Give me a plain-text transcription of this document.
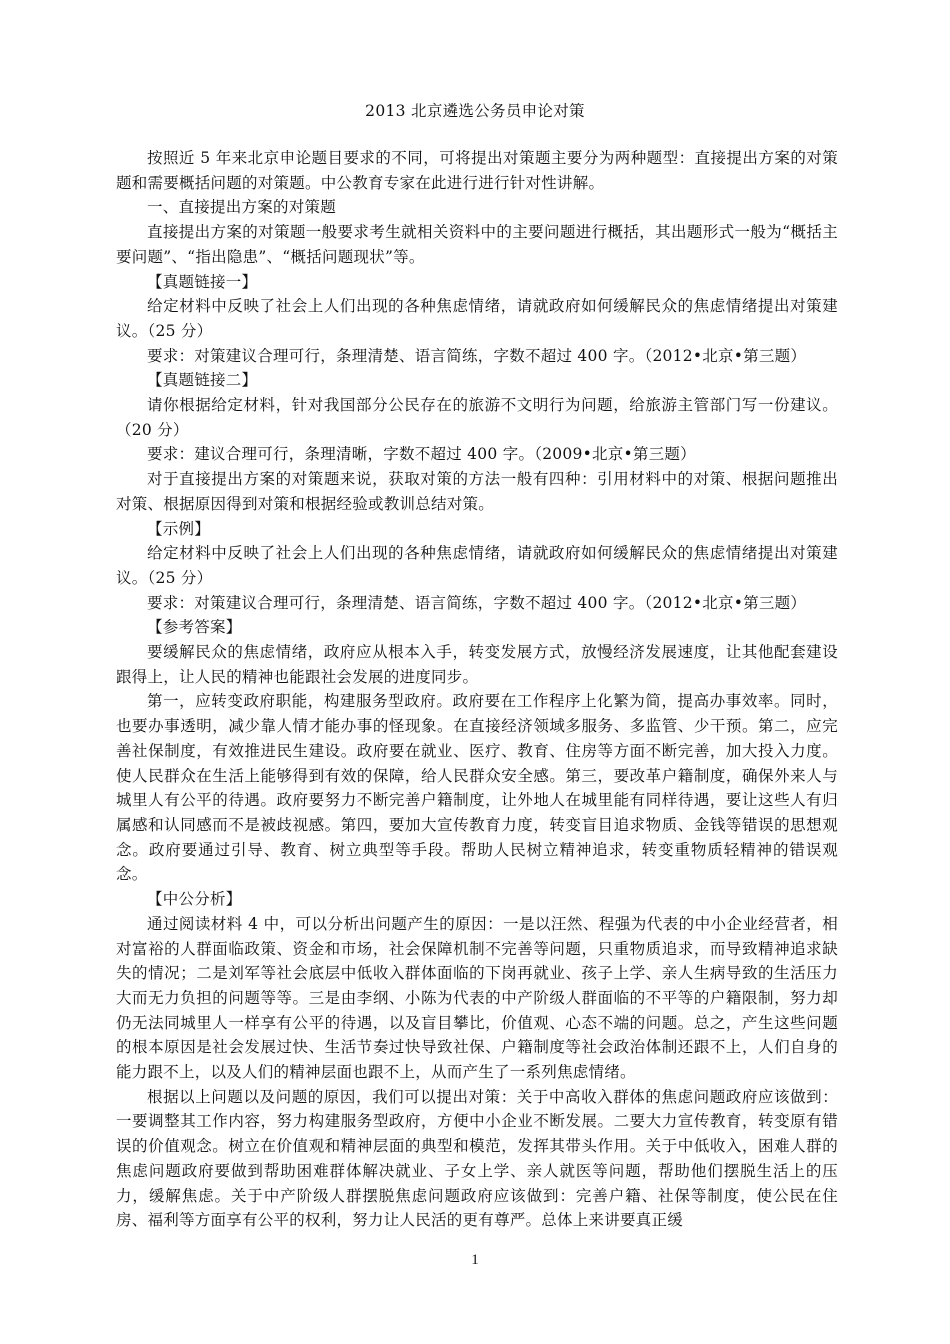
2013 北京遴选公务员申论对策

按照近 5 年来北京申论题目要求的不同，可将提出对策题主要分为两种题型：直接提出方案的对策题和需要概括问题的对策题。中公教育专家在此进行进行针对性讲解。

一、直接提出方案的对策题

直接提出方案的对策题一般要求考生就相关资料中的主要问题进行概括，其出题形式一般为“概括主要问题”、“指出隐患”、“概括问题现状”等。

【真题链接一】

给定材料中反映了社会上人们出现的各种焦虑情绪，请就政府如何缓解民众的焦虑情绪提出对策建议。（25 分）

要求：对策建议合理可行，条理清楚、语言简练，字数不超过 400 字。（2012•北京•第三题）

【真题链接二】

请你根据给定材料，针对我国部分公民存在的旅游不文明行为问题，给旅游主管部门写一份建议。（20 分）

要求：建议合理可行，条理清晰，字数不超过 400 字。（2009•北京•第三题）

对于直接提出方案的对策题来说，获取对策的方法一般有四种：引用材料中的对策、根据问题推出对策、根据原因得到对策和根据经验或教训总结对策。

【示例】

给定材料中反映了社会上人们出现的各种焦虑情绪，请就政府如何缓解民众的焦虑情绪提出对策建议。（25 分）

要求：对策建议合理可行，条理清楚、语言简练，字数不超过 400 字。（2012•北京•第三题）

【参考答案】

要缓解民众的焦虑情绪，政府应从根本入手，转变发展方式，放慢经济发展速度，让其他配套建设跟得上，让人民的精神也能跟社会发展的进度同步。

第一，应转变政府职能，构建服务型政府。政府要在工作程序上化繁为简，提高办事效率。同时，也要办事透明，减少靠人情才能办事的怪现象。在直接经济领域多服务、多监管、少干预。第二，应完善社保制度，有效推进民生建设。政府要在就业、医疗、教育、住房等方面不断完善，加大投入力度。使人民群众在生活上能够得到有效的保障，给人民群众安全感。第三，要改革户籍制度，确保外来人与城里人有公平的待遇。政府要努力不断完善户籍制度，让外地人在城里能有同样待遇，要让这些人有归属感和认同感而不是被歧视感。第四，要加大宣传教育力度，转变盲目追求物质、金钱等错误的思想观念。政府要通过引导、教育、树立典型等手段。帮助人民树立精神追求，转变重物质轻精神的错误观念。

【中公分析】

通过阅读材料 4 中，可以分析出问题产生的原因：一是以汪然、程强为代表的中小企业经营者，相对富裕的人群面临政策、资金和市场，社会保障机制不完善等问题，只重物质追求，而导致精神追求缺失的情况；二是刘军等社会底层中低收入群体面临的下岗再就业、孩子上学、亲人生病导致的生活压力大而无力负担的问题等等。三是由李纲、小陈为代表的中产阶级人群面临的不平等的户籍限制，努力却仍无法同城里人一样享有公平的待遇，以及盲目攀比，价值观、心态不端的问题。总之，产生这些问题的根本原因是社会发展过快、生活节奏过快导致社保、户籍制度等社会政治体制还跟不上，人们自身的能力跟不上，以及人们的精神层面也跟不上，从而产生了一系列焦虑情绪。

根据以上问题以及问题的原因，我们可以提出对策：关于中高收入群体的焦虑问题政府应该做到：一要调整其工作内容，努力构建服务型政府，方便中小企业不断发展。二要大力宣传教育，转变原有错误的价值观念。树立在价值观和精神层面的典型和模范，发挥其带头作用。关于中低收入，困难人群的焦虑问题政府要做到帮助困难群体解决就业、子女上学、亲人就医等问题，帮助他们摆脱生活上的压力，缓解焦虑。关于中产阶级人群摆脱焦虑问题政府应该做到：完善户籍、社保等制度，使公民在住房、福利等方面享有公平的权利，努力让人民活的更有尊严。总体上来讲要真正缓

1
